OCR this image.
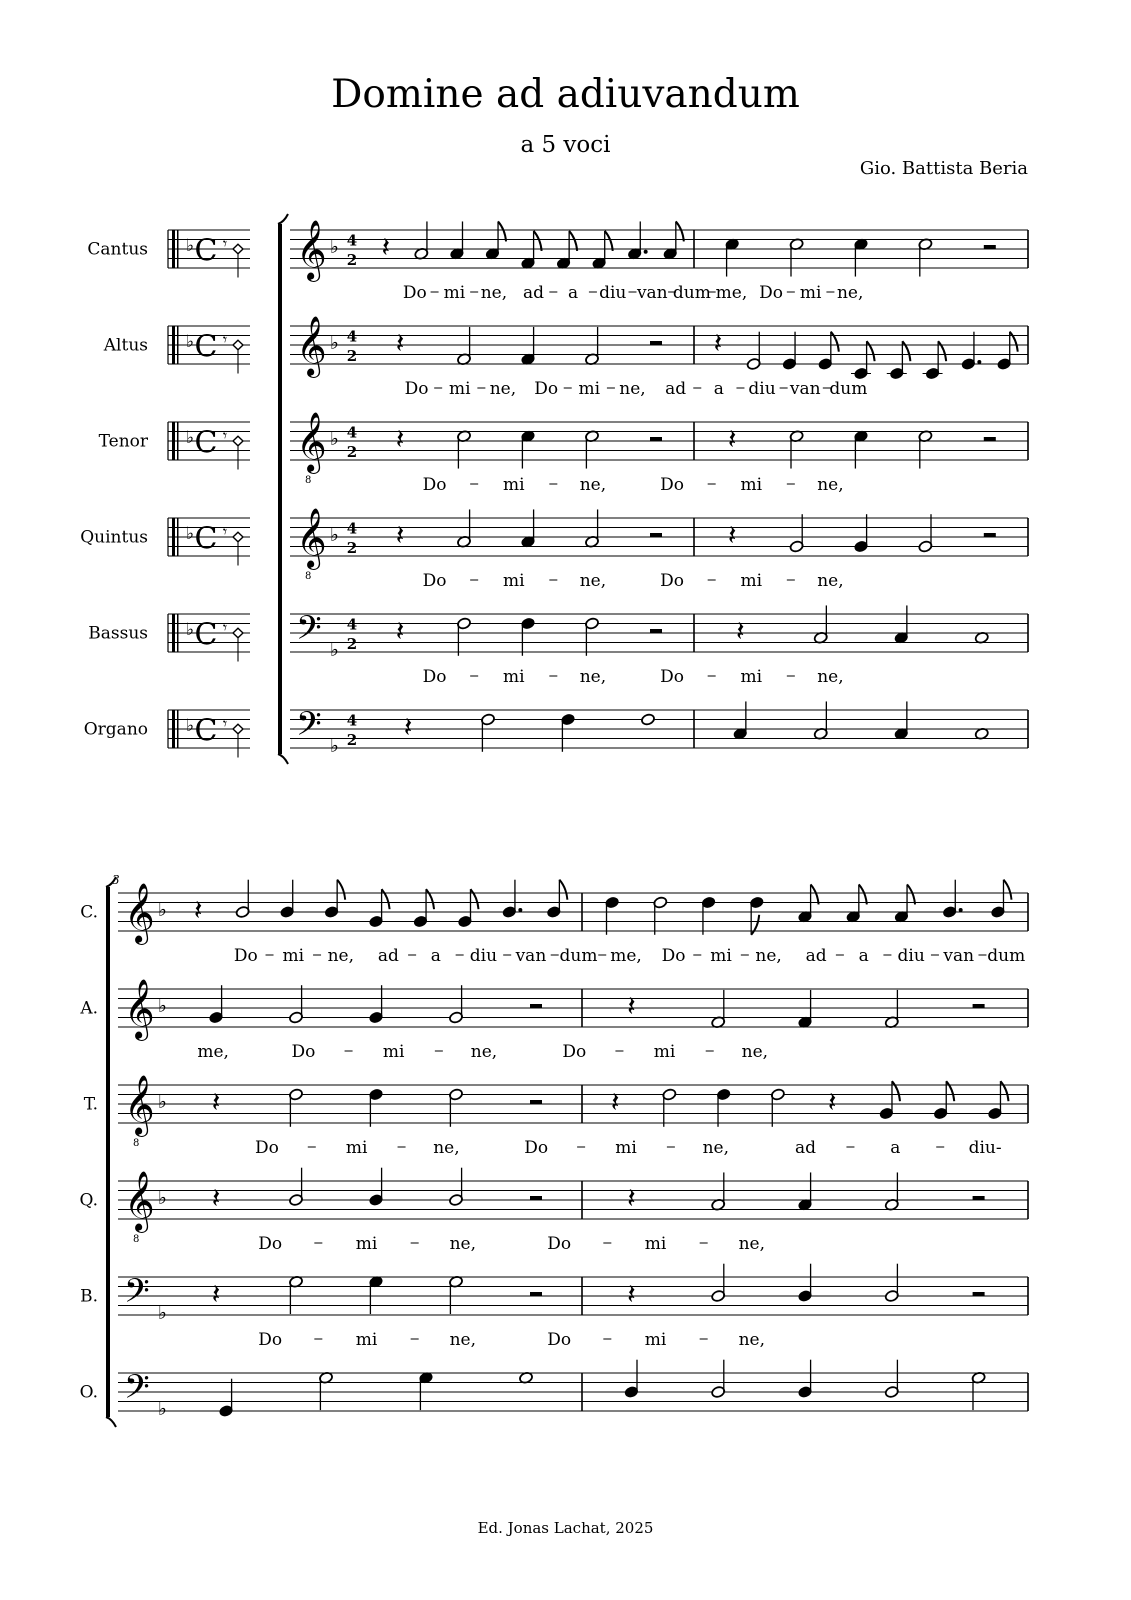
Domine ad adiuvandum
a 5 voci
Gio. Battista Beria
Ed. Jonas Lachat, 2025
Cantus ♭ C 𝄾 𝄞 ♭ 4
2 𝄽
Do mi ne, ad a diu van dum me, Do mi ne,
Altus ♭ C 𝄾 𝄞 ♭ 4
2 𝄽	𝄽
Do mi ne, Do mi ne, ad a diu van dum
Tenor ♭ C 𝄾 𝄞
8
♭ 4
2 𝄽	𝄽
Do	mi	ne,	Do	mi	ne,
Quintus ♭ C 𝄾 𝄞
8
♭ 4
2 𝄽	𝄽
Do	mi	ne,	Do	mi	ne,
Bassus ♭ C 𝄾 𝄢 ♭
4
2 𝄽	𝄽
Do	mi	ne,	Do	mi	ne,
Organo ♭ C 𝄾 𝄢 ♭
4
2 𝄽
3
C. 𝄞 ♭ 𝄽
Do mi ne, ad a diu van dum me, Do mi ne, ad a diu van dum
A. 𝄞 ♭	𝄽
me,	Do	mi	ne,	Do	mi	ne,
T. 𝄞
8
♭ 𝄽	𝄽	𝄽
Do	mi	ne,	Do	mi	ne,	ad	a	diu-
Q. 𝄞
8
♭ 𝄽	𝄽
Do	mi	ne,	Do	mi	ne,
B. 𝄢 ♭
𝄽	𝄽
Do	mi	ne,	Do	mi	ne,
O. 𝄢 ♭
